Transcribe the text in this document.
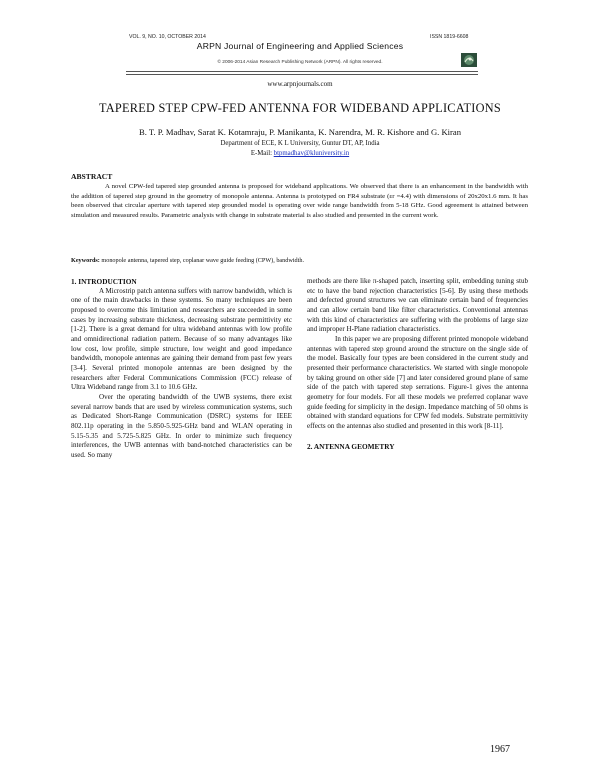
VOL. 9, NO. 10, OCTOBER 2014	ISSN 1819-6608
ARPN Journal of Engineering and Applied Sciences
© 2006-2014 Asian Research Publishing Network (ARPN). All rights reserved.
www.arpnjournals.com
TAPERED STEP CPW-FED ANTENNA FOR WIDEBAND APPLICATIONS
B. T. P. Madhav, Sarat K. Kotamraju, P. Manikanta, K. Narendra, M. R. Kishore and G. Kiran
Department of ECE, K L University, Guntur DT, AP, India
E-Mail: btpmadhav@kluniversity.in
ABSTRACT
A novel CPW-fed tapered step grounded antenna is proposed for wideband applications. We observed that there is an enhancement in the bandwidth with the addition of tapered step ground in the geometry of monopole antenna. Antenna is prototyped on FR4 substrate (εr =4.4) with dimensions of 20x20x1.6 mm. It has been observed that circular aperture with tapered step grounded model is operating over wide range bandwidth from 5-18 GHz. Good agreement is attained between simulation and measured results. Parametric analysis with change in substrate material is also studied and presented in the current work.
Keywords: monopole antenna, tapered step, coplanar wave guide feeding (CPW), bandwidth.
1. INTRODUCTION

A Microstrip patch antenna suffers with narrow bandwidth, which is one of the main drawbacks in these systems. So many techniques are been proposed to overcome this limitation and researchers are succeeded in some cases by increasing substrate thickness, decreasing substrate permittivity etc [1-2]. There is a great demand for ultra wideband antennas with low profile and omnidirectional radiation pattern. Because of so many advantages like low cost, low profile, simple structure, low weight and good impedance bandwidth, monopole antennas are gaining their demand from past few years [3-4]. Several printed monopole antennas are been designed by the researchers after Federal Communications Commission (FCC) release of Ultra Wideband range from 3.1 to 10.6 GHz.

Over the operating bandwidth of the UWB systems, there exist several narrow bands that are used by wireless communication systems, such as Dedicated Short-Range Communication (DSRC) systems for IEEE 802.11p operating in the 5.850-5.925-GHz band and WLAN operating in 5.15-5.35 and 5.725-5.825 GHz. In order to minimize such frequency interferences, the UWB antennas with band-notched characteristics can be used. So many

methods are there like π-shaped patch, inserting split, embedding tuning stub etc to have the band rejection characteristics [5-6]. By using these methods and defected ground structures we can eliminate certain band of frequencies and can allow certain band like filter characteristics. Conventional antennas with this kind of characteristics are suffering with the problems of large size and improper H-Plane radiation characteristics.

In this paper we are proposing different printed monopole wideband antennas with tapered step ground around the structure on the single side of the model. Basically four types are been considered in the current study and presented their performance characteristics. We started with single monopole by taking ground on other side [7] and later considered ground plane of same side of the patch with tapered step serrations. Figure-1 gives the antenna geometry for four models. For all these models we preferred coplanar wave guide feeding for simplicity in the design. Impedance matching of 50 ohms is obtained with standard equations for CPW fed models. Substrate permittivity effects on the antennas also studied and presented in this work [8-11].

2. ANTENNA GEOMETRY
1967
